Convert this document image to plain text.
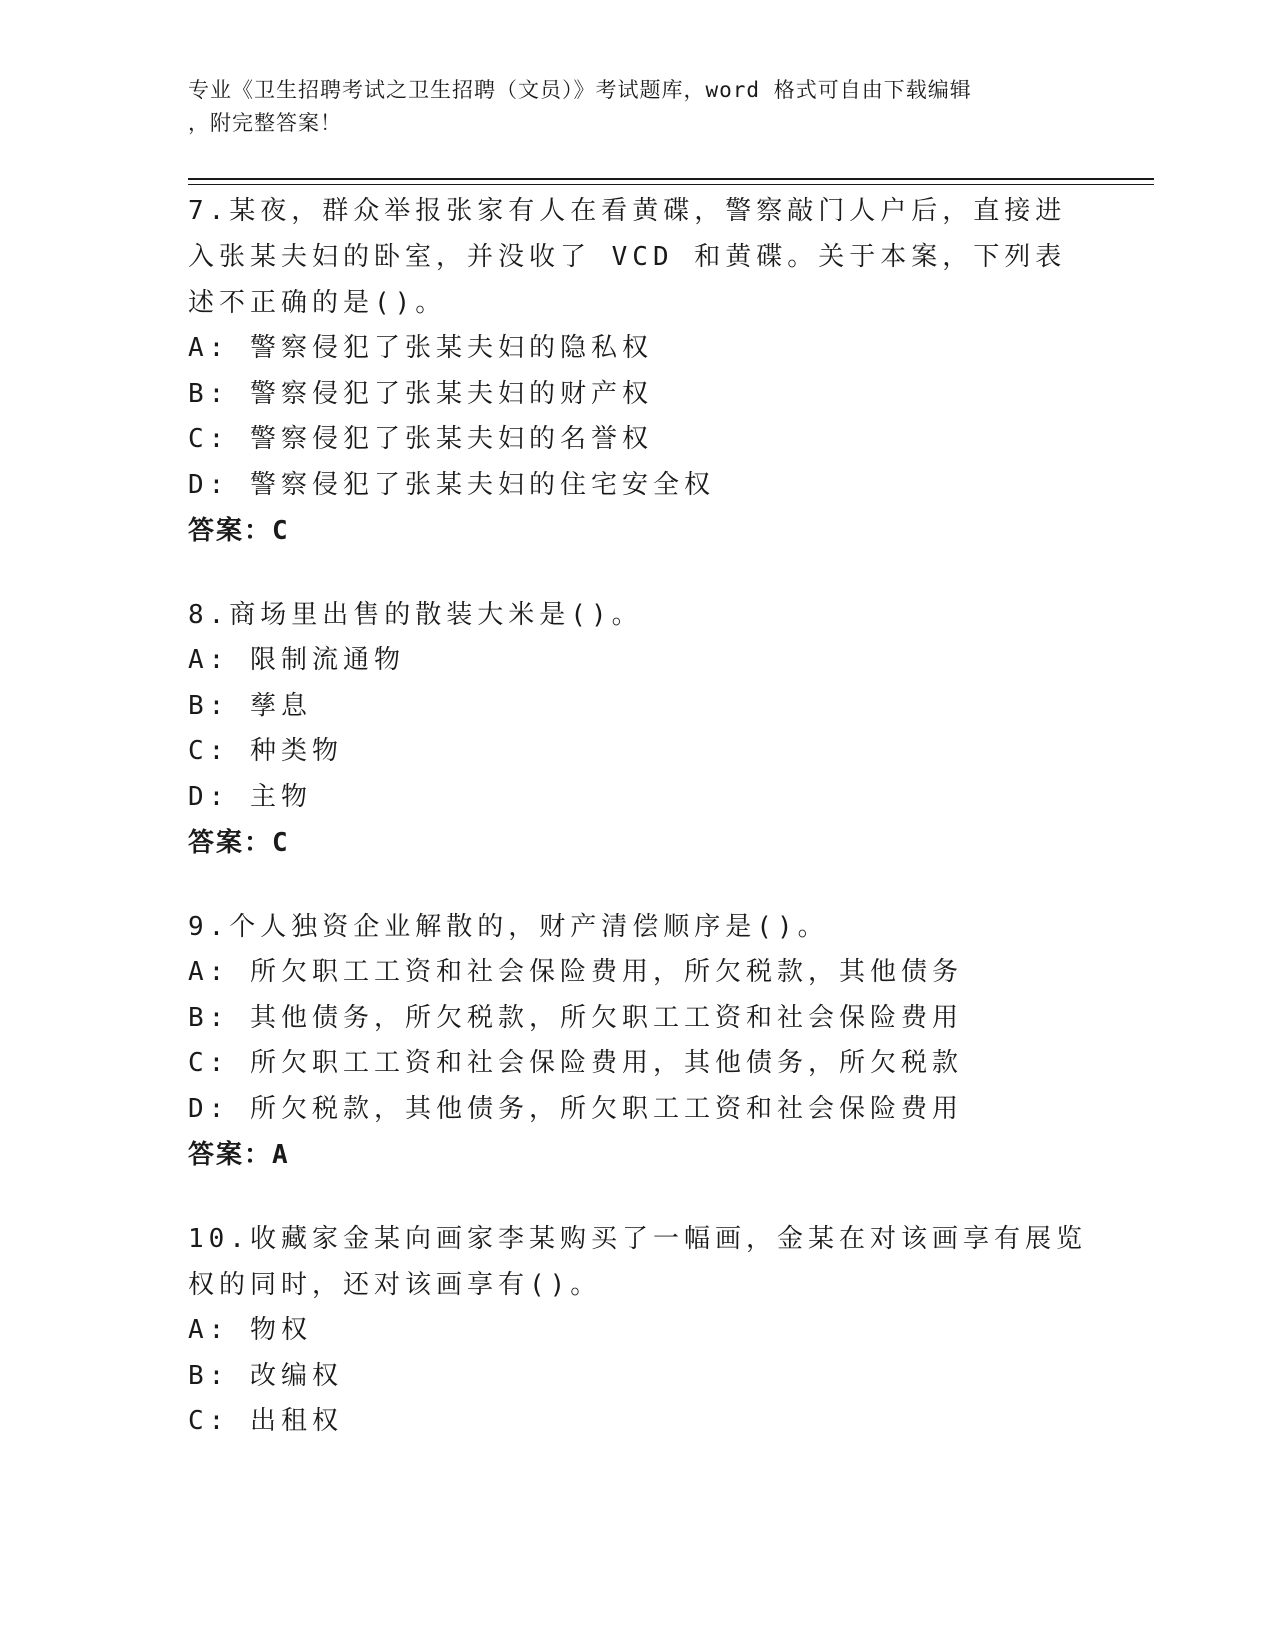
专业《卫生招聘考试之卫生招聘（文员）》考试题库，word 格式可自由下载编辑
，附完整答案！

7.某夜，群众举报张家有人在看黄碟，警察敲门人户后，直接进入张某夫妇的卧室，并没收了 VCD 和黄碟。关于本案，下列表述不正确的是()。

A: 警察侵犯了张某夫妇的隐私权

B: 警察侵犯了张某夫妇的财产权

C: 警察侵犯了张某夫妇的名誉权

D: 警察侵犯了张某夫妇的住宅安全权

答案：C

8.商场里出售的散装大米是()。

A: 限制流通物

B: 孳息

C: 种类物

D: 主物

答案：C

9.个人独资企业解散的，财产清偿顺序是()。

A: 所欠职工工资和社会保险费用，所欠税款，其他债务

B: 其他债务，所欠税款，所欠职工工资和社会保险费用

C: 所欠职工工资和社会保险费用，其他债务，所欠税款

D: 所欠税款，其他债务，所欠职工工资和社会保险费用

答案：A

10.收藏家金某向画家李某购买了一幅画，金某在对该画享有展览权的同时，还对该画享有()。

A: 物权

B: 改编权

C: 出租权
